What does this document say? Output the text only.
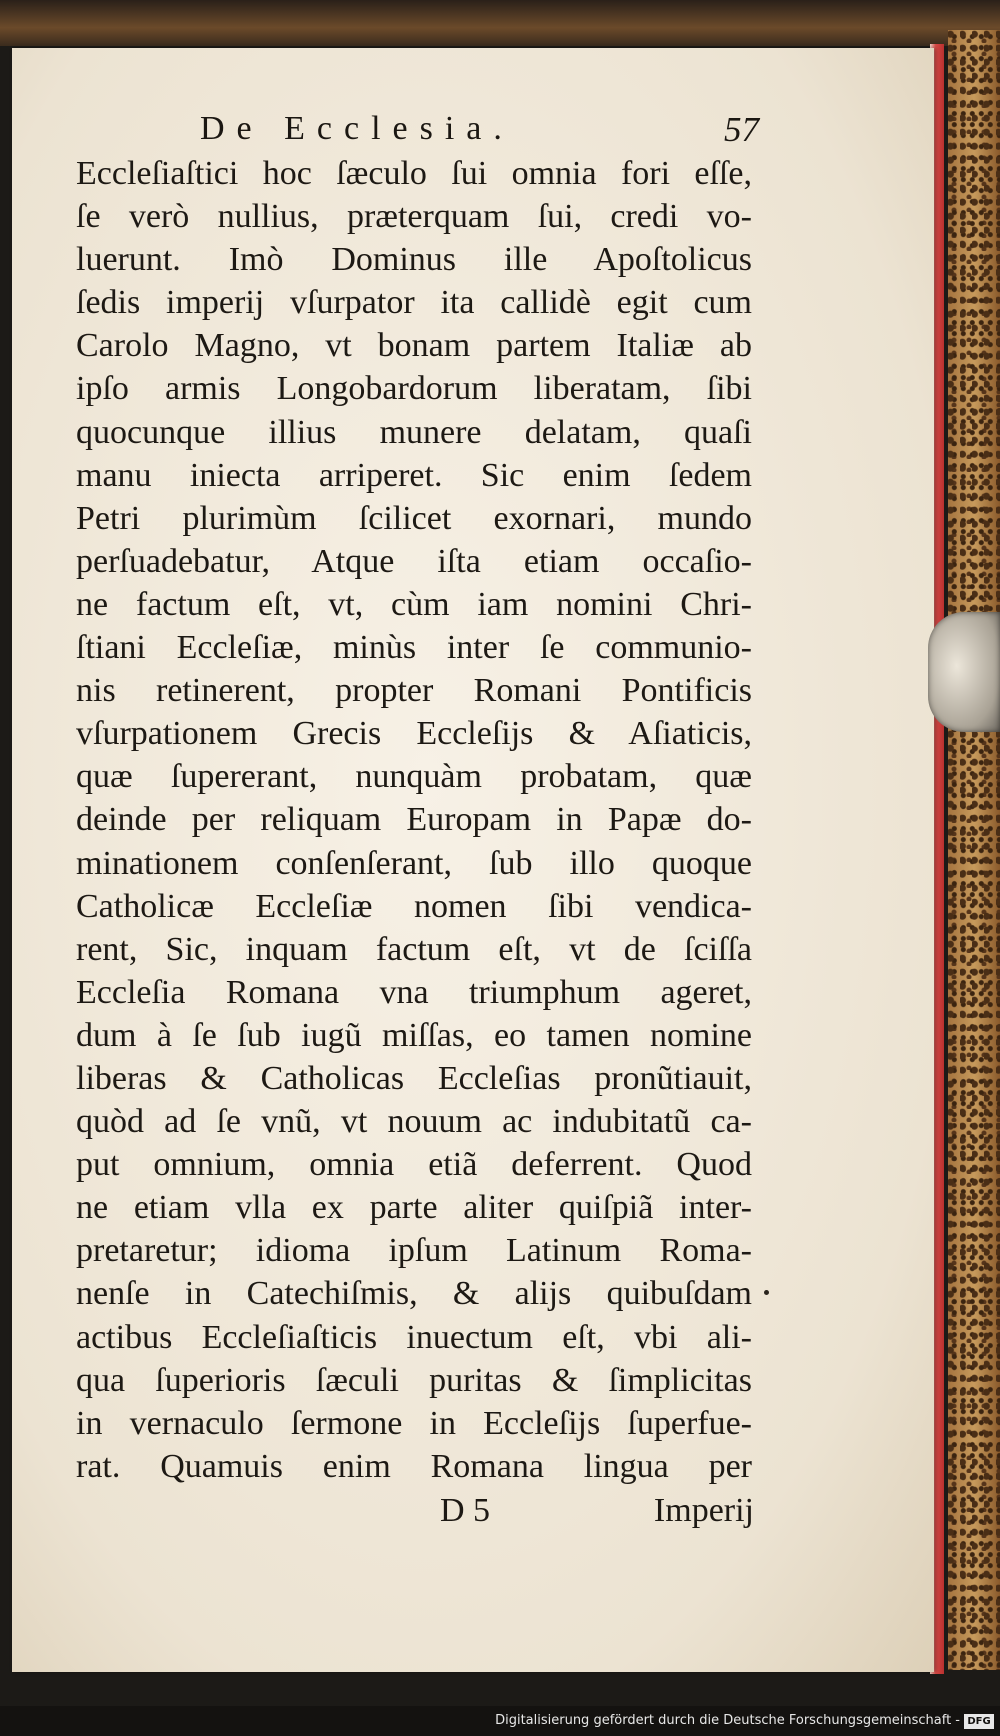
De Ecclesia.	57
Eccleſiaſtici hoc ſæculo ſui omnia fori eſſe,
ſe verò nullius, præterquam ſui, credi vo-
luerunt. Imò Dominus ille Apoſtolicus
ſedis imperij vſurpator ita callidè egit cum
Carolo Magno, vt bonam partem Italiæ ab
ipſo armis Longobardorum liberatam, ſibi
quocunque illius munere delatam, quaſi
manu iniecta arriperet. Sic enim ſedem
Petri plurimùm ſcilicet exornari, mundo
perſuadebatur, Atque iſta etiam occaſio-
ne factum eſt, vt, cùm iam nomini Chri-
ſtiani Eccleſiæ, minùs inter ſe communio-
nis retinerent, propter Romani Pontificis
vſurpationem Grecis Eccleſijs & Aſiaticis,
quæ ſupererant, nunquàm probatam, quæ
deinde per reliquam Europam in Papæ do-
minationem conſenſerant, ſub illo quoque
Catholicæ Eccleſiæ nomen ſibi vendica-
rent, Sic, inquam factum eſt, vt de ſciſſa
Eccleſia Romana vna triumphum ageret,
dum à ſe ſub iugũ miſſas, eo tamen nomine
liberas & Catholicas Eccleſias pronũtiauit,
quòd ad ſe vnũ, vt nouum ac indubitatũ ca-
put omnium, omnia etiã deferrent. Quod
ne etiam vlla ex parte aliter quiſpiã inter-
pretaretur; idioma ipſum Latinum Roma-
nenſe in Catechiſmis, & alijs quibuſdam
actibus Eccleſiaſticis inuectum eſt, vbi ali-
qua ſuperioris ſæculi puritas & ſimplicitas
in vernaculo ſermone in Eccleſijs ſuperfue-
rat. Quamuis enim Romana lingua per
D 5	Imperij
Digitalisierung gefördert durch die Deutsche Forschungsgemeinschaft - DFG
